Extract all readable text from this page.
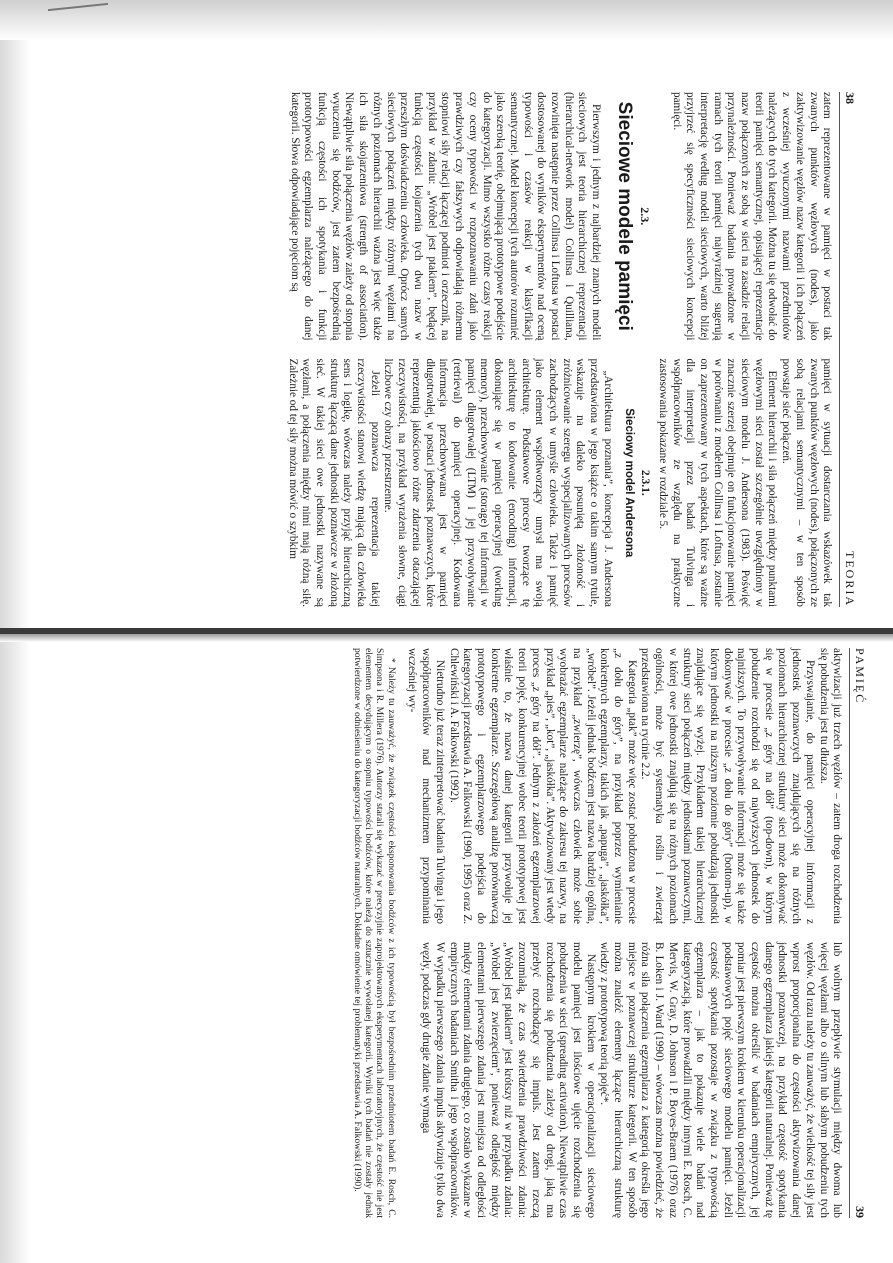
38
TEORIA

zatem reprezentowane w pamięci w postaci tak zwanych punktów węzłowych (nodes), jako zaktywizowanie węzłów nazw kategorii i ich połączeń z wcześniej wyuczonymi nazwami przedmiotów należących do tych kategorii. Można tu się odwołać do teorii pamięci semantycznej, opisującej reprezentacje nazw połączonych ze sobą w sieci na zasadzie relacji przynależności. Ponieważ badania prowadzone w ramach tych teorii pamięci najwyraźniej sugerują interpretację według modeli sieciowych, warto bliżej przyjrzeć się specyficzności sieciowych koncepcji pamięci.

2.3.
Sieciowe modele pamięci

Pierwszym i jednym z najbardziej znanych modeli sieciowych jest teoria hierarchicznej reprezentacji (hierarchical-network model) Collinsa i Quilliana, rozwinięta następnie przez Collinsa i Loftusa w postaci dostosowanej do wyników eksperymentów nad oceną typowości i czasów reakcji w klasyfikacji semantycznej. Model koncepcji tych autorów rozumieć jako szeroką teorię, obejmującą prototypowe podejście do kategoryzacji. Mimo wszystko różne czasy reakcji czy oceny typowości w rozpoznawaniu zdań jako prawdziwych czy fałszywych odpowiadają różnemu stopniowi siły relacji łączącej podmiot i orzecznik, na przykład w zdaniu: „Wróbel jest ptakiem”, będącej funkcją częstości kojarzenia tych dwu nazw w przeszłym doświadczeniu człowieka. Oprócz samych sieciowych połączeń między różnymi węzłami na różnych poziomach hierarchii ważna jest więc także ich siła skojarzeniowa (strength of association). Niewątpliwie siła połączenia węzłów zależy od stopnia wyuczenia się bodźców, jest zatem bezpośrednią funkcją częstości ich spotykania i funkcji prototypowości egzemplarza należącego do danej kategorii. Słowa odpowiadające pojęciom są

pamięci w sytuacji dostarczania wskazówek tak zwanych punktów węzłowych (nodes), połączonych ze sobą relacjami semantycznymi – w ten sposób powstaje sieć połączeń.

Element hierarchii i siła połączeń między punktami węzłowymi sieci został szczegółnie uwzględniony w sieciowym modelu J. Andersona (1983). Poświęć znacznie szerzej obejmuje on funkcjonowanie pamięci w porównaniu z modelem Collinsa i Loftusa, zostanie on zaprezentowany w tych aspektach, które są ważne dla interpretacji przez badań Tulvinga i współpracowników ze względu na praktyczne zastosowania pokazane w rozdziale 5.

2.3.1.
Sieciowy model Andersona

„Architektura poznania”, koncepcja J. Andersona przedstawiona w jego książce o takim samym tytule, wskazuje na daleko posuniętą złożoność i zróżnicowanie szeregu wyspecjalizowanych procesów zachodzących w umyśle człowieka. Także i pamięć jako element współtworzący umysł ma swoją architekturę. Podstawowe procesy tworzące tę architekturę to kodowanie (encoding) informacji, dokonujące się w pamięci operacyjnej (working memory), przechowywanie (storage) tej informacji w pamięci długotrwałej (LTM) i jej przywoływanie (retrieval) do pamięci operacyjnej. Kodowana informacja przechowywana jest w pamięci długotrwałej, w postaci jednostek poznawczych, które reprezentują jakościowo różne zdarzenia otaczającej rzeczywistości, na przykład wyrażenia słowne, ciągi liczbowe czy obrazy przestrzenne.

Jeżeli poznawcza reprezentacja takiej rzeczywistości stanowi wiedzę mającą dla człowieka sens i logikę, wówczas należy przyjąć hierarchiczną strukturę łączącą dane jednostki poznawcze w złożoną sieć. W takiej sieci owe jednostki nazywane są węzłami, a połączenia między nimi mają różną siłę. Zależnie od tej siły można mówić o szybkim

PAMIĘĆ
39

aktywizacji już trzech węzłów – zatem droga rozchodzenia się pobudzenia jest tu dłuższa.

Przyswajanie, do pamięci operacyjnej informacji z jednostek poznawczych znajdujących się na różnych poziomach hierarchicznej struktury sieci może dokonywać się w procesie „z góry na dół” (top-down), w którym pobudzenie rozchodzi się od najwyższych jednostek do najniższych. To przywoływanie informacji może się także dokonywać w procesie „z dołu do góry” (bottom-up), w którym jednostki na niższym poziomie pobudzają jednostki znajdujące się wyżej. Przykładem takiej hierarchicznej struktury sieci połączeń między jednostkami poznawczymi, w której owe jednostki znajdują się na różnych poziomach ogólności, może być systematyka roślin i zwierząt przedstawiona na rycinie 2.2.

Kategoria „ptak” może więc zostać pobudzona w procesie „z dołu do góry”, na przykład poprzez wymienianie konkretnych egzemplarzy, takich jak „papuga”, „jaskółka”, „wróbel”. Jeżeli jednak bodźcem jest nazwa bardziej ogólna, na przykład „zwierzę”, wówczas człowiek może sobie wyobrażać egzemplarze należące do zakresu tej nazwy, na przykład „pies”, „kot”, „jaskółka”. Aktywizowany jest wtedy proces „z góry na dół”. Jednym z założeń egzemplarzowej teorii pojęć, konkurencyjnej wobec teorii prototypowej jest właśnie to, że nazwa danej kategorii przywołuje jej konkretne egzemplarze. Szczegółową analizę porównawczą prototypowego i egzemplarzowego podejścia do kategoryzacji przedstawia A. Falkowski (1990, 1995) oraz Z. Chlewiński i A. Falkowski (1992).

Nietrudno już teraz zinterpretować badania Tulvinga i jego współpracowników nad mechanizmem przypominania wcześniej wy-

lub wolnym przepływie stymulacji między dwoma lub więcej węzłami albo o silnym lub słabym pobudzeniu tych węzłów. Od razu należy tu zauważyć, że wielkość tej siły jest wprost proporcjonalna do częstości aktywizowania danej jednostki poznawczej, na przykład częstość spotykania danego egzemplarza jakiejś kategorii naturalnej. Ponieważ tę częstość można określić w badaniach empirycznych, jej pomiar jest pierwszym krokiem w kierunku operacjonalizacji podstawowych pojęć sieciowego modelu pamięci. Jeżeli częstość spotykania pozostaje w związku z typowością egzemplarza – jak to pokazuje wiele badań nad kategoryzacją, które prowadzili między innymi E. Rosch, C. Mervis, W. Gray, D. Johnson i P. Boyes-Braem (1976) oraz B. Loken i J. Ward (1990) – wówczas można powiedzieć, że różna siła połączenia egzemplarza z kategorią określa jego miejsce w poznawczej strukturze kategorii. W ten sposób można znaleźć elementy łączące hierarchiczną strukturę wiedzy z prototypową teorią pojęć*.

Następnym krokiem w operacjonalizacji sieciowego modelu pamięci jest ilościowe ujęcie rozchodzenia się pobudzenia w sieci (spreading activation). Niewątpliwie czas rozchodzenia się pobudzenia zależy od drogi, jaką ma przebyć rozchodzący się impuls. Jest zatem rzeczą zrozumiałą, że czas stwierdzenia prawdziwości zdania: „Wróbel jest ptakiem” jest krótszy niż w przypadku zdania: „Wróbel jest zwierzęciem”, ponieważ odległość między elementami pierwszego zdania jest mniejsza od odległości między elementami zdania drugiego, co zostało wykazane w empirycznych badaniach Smitha i jego współpracowników. W wypadku pierwszego zdania impuls aktywizuje tylko dwa węzły, podczas gdy drugie zdanie wymaga

* Należy tu zauważyć, że związek częstości eksponowania bodźców z ich typowością był bezpośrednim przedmiotem badań E. Rosch, C. Simpsona i R. Millera (1976). Autorzy starali się wykazać w precyzyjnie zaprojektowanych eksperymentach laboratoryjnych, że częstość nie jest elementem decydującym o stopniu typowości bodźców, które należą do sztucznie wywołanej kategorii. Wyniki tych badań nie zostały jednak potwierdzone w odniesieniu do kategoryzacji bodźców naturalnych. Dokładne omówienie tej problematyki przedstawia A. Falkowski (1990).
